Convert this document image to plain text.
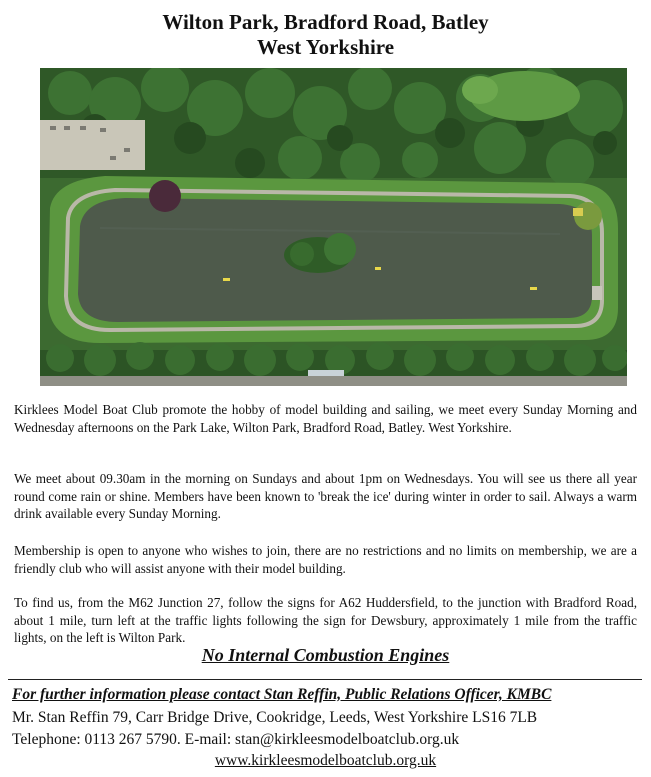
Wilton Park, Bradford Road, Batley
West Yorkshire

Kirklees Model Boat Club promote the hobby of model building and sailing, we meet every Sunday Morning and Wednesday afternoons on the Park Lake, Wilton Park, Bradford Road, Batley. West Yorkshire.

We meet about 09.30am in the morning on Sundays and about 1pm on Wednesdays. You will see us there all year round come rain or shine. Members have been known to 'break the ice' during winter in order to sail. Always a warm drink available every Sunday Morning.

Membership is open to anyone who wishes to join, there are no restrictions and no limits on membership, we are a friendly club who will assist anyone with their model building.

To find us, from the M62 Junction 27, follow the signs for A62 Huddersfield, to the junction with Bradford Road, about 1 mile, turn left at the traffic lights following the sign for Dewsbury, approximately 1 mile from the traffic lights, on the left is Wilton Park.

No Internal Combustion Engines

For further information please contact Stan Reffin, Public Relations Officer, KMBC

Mr. Stan Reffin 79, Carr Bridge Drive, Cookridge, Leeds, West Yorkshire LS16 7LB

Telephone: 0113 267 5790. E-mail: stan@kirkleesmodelboatclub.org.uk

www.kirkleesmodelboatclub.org.uk
